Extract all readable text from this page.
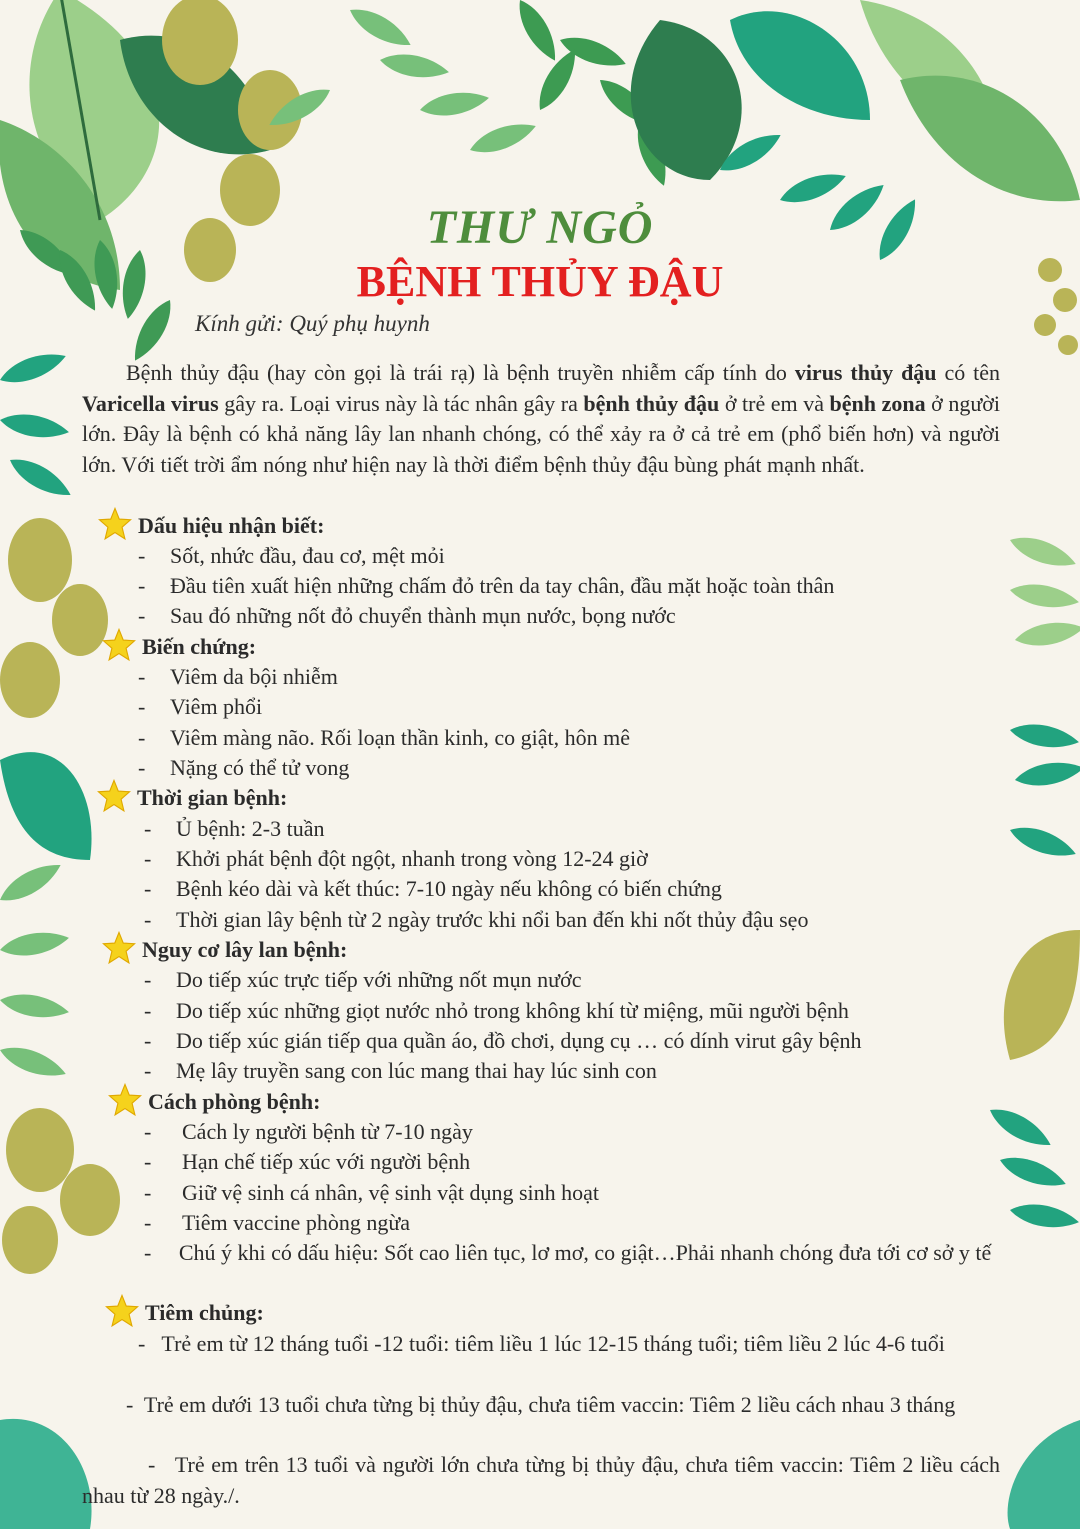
THƯ NGỎ
BỆNH THỦY ĐẬU
Kính gửi: Quý phụ huynh
Bệnh thủy đậu (hay còn gọi là trái rạ) là bệnh truyền nhiễm cấp tính do virus thủy đậu có tên Varicella virus gây ra. Loại virus này là tác nhân gây ra bệnh thủy đậu ở trẻ em và bệnh zona ở người lớn. Đây là bệnh có khả năng lây lan nhanh chóng, có thể xảy ra ở cả trẻ em (phổ biến hơn) và người lớn. Với tiết trời ẩm nóng như hiện nay là thời điểm bệnh thủy đậu bùng phát mạnh nhất.
Dấu hiệu nhận biết:
- Sốt, nhức đầu, đau cơ, mệt mỏi
- Đầu tiên xuất hiện những chấm đỏ trên da tay chân, đầu mặt hoặc toàn thân
- Sau đó những nốt đỏ chuyển thành mụn nước, bọng nước
Biến chứng:
- Viêm da bội nhiễm
- Viêm phổi
- Viêm màng não. Rối loạn thần kinh, co giật, hôn mê
- Nặng có thể tử vong
Thời gian bệnh:
- Ủ bệnh: 2-3 tuần
- Khởi phát bệnh đột ngột, nhanh trong vòng 12-24 giờ
- Bệnh kéo dài và kết thúc: 7-10 ngày nếu không có biến chứng
- Thời gian lây bệnh từ 2 ngày trước khi nổi ban đến khi nốt thủy đậu sẹo
Nguy cơ lây lan bệnh:
- Do tiếp xúc trực tiếp với những nốt mụn nước
- Do tiếp xúc những giọt nước nhỏ trong không khí từ miệng, mũi người bệnh
- Do tiếp xúc gián tiếp qua quần áo, đồ chơi, dụng cụ … có dính virut gây bệnh
- Mẹ lây truyền sang con lúc mang thai hay lúc sinh con
Cách phòng bệnh:
- Cách ly người bệnh từ 7-10 ngày
- Hạn chế tiếp xúc với người bệnh
- Giữ vệ sinh cá nhân, vệ sinh vật dụng sinh hoạt
- Tiêm vaccine phòng ngừa
-     Chú ý khi có dấu hiệu: Sốt cao liên tục, lơ mơ, co giật…Phải nhanh chóng đưa tới cơ sở y tế
Tiêm chủng:
-   Trẻ em từ 12 tháng tuổi -12 tuổi: tiêm liều 1 lúc 12-15 tháng tuổi; tiêm liều 2 lúc 4-6 tuổi
-  Trẻ em dưới 13 tuổi chưa từng bị thủy đậu, chưa tiêm vaccin: Tiêm 2 liều cách nhau 3 tháng
-   Trẻ em trên 13 tuổi và người lớn chưa từng bị thủy đậu, chưa tiêm vaccin: Tiêm 2 liều cách nhau từ 28 ngày./.
